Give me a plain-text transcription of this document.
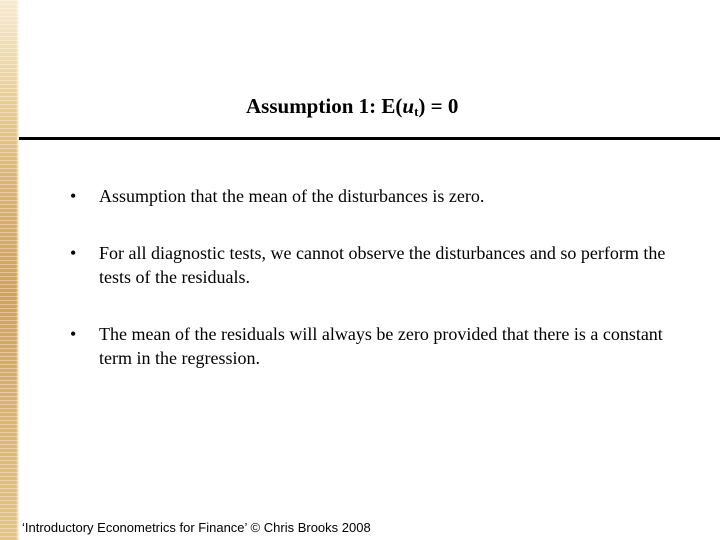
Assumption 1: $E(u_t) = 0$
• Assumption that the mean of the disturbances is zero.
• For all diagnostic tests, we cannot observe the disturbances and so perform the tests of the residuals.
• The mean of the residuals will always be zero provided that there is a constant term in the regression.
‘Introductory Econometrics for Finance’ © Chris Brooks 2008
